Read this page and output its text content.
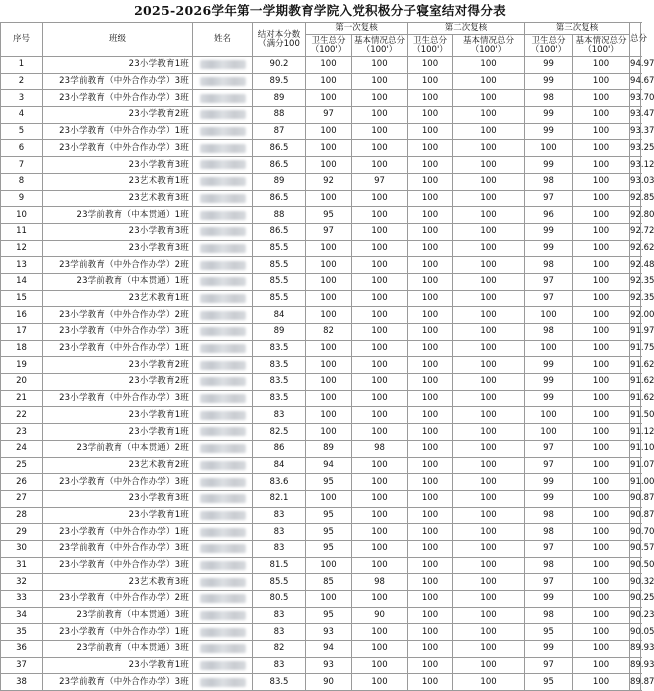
2025-2026学年第一学期教育学院入党积极分子寝室结对得分表
序号	班级	姓名	结对本分数（满分100	第一次复核		第二次复核		第三次复核		总分
				卫生总分（100'）	基本情况总分（100'）	卫生总分（100'）	基本情况总分（100'）	卫生总分（100'）	基本情况总分（100'）	
1	23小学教育1班		90.2	100	100	100	100	99	100	94.97
2	23学前教育（中外合作办学）3班		89.5	100	100	100	100	99	100	94.67
3	23小学教育（中外合作办学）3班		89	100	100	100	100	98	100	93.70
4	23小学教育2班		88	97	100	100	100	99	100	93.47
5	23小学教育（中外合作办学）1班		87	100	100	100	100	99	100	93.37
6	23小学教育（中外合作办学）3班		86.5	100	100	100	100	100	100	93.25
7	23小学教育3班		86.5	100	100	100	100	99	100	93.12
8	23艺术教育1班		89	92	97	100	100	98	100	93.03
9	23艺术教育3班		86.5	100	100	100	100	97	100	92.85
10	23学前教育（中本贯通）1班		88	95	100	100	100	96	100	92.80
11	23小学教育3班		86.5	97	100	100	100	99	100	92.72
12	23小学教育3班		85.5	100	100	100	100	99	100	92.62
13	23学前教育（中外合作办学）2班		85.5	100	100	100	100	98	100	92.48
14	23学前教育（中本贯通）1班		85.5	100	100	100	100	97	100	92.35
15	23艺术教育1班		85.5	100	100	100	100	97	100	92.35
16	23小学教育（中外合作办学）2班		84	100	100	100	100	100	100	92.00
17	23小学教育（中外合作办学）3班		89	82	100	100	100	98	100	91.97
18	23小学教育（中外合作办学）1班		83.5	100	100	100	100	100	100	91.75
19	23小学教育2班		83.5	100	100	100	100	99	100	91.62
20	23小学教育2班		83.5	100	100	100	100	99	100	91.62
21	23小学教育（中外合作办学）3班		83.5	100	100	100	100	99	100	91.62
22	23小学教育1班		83	100	100	100	100	100	100	91.50
23	23小学教育1班		82.5	100	100	100	100	100	100	91.12
24	23学前教育（中本贯通）2班		86	89	98	100	100	97	100	91.10
25	23艺术教育2班		84	94	100	100	100	97	100	91.07
26	23小学教育（中外合作办学）3班		83.6	95	100	100	100	99	100	91.00
27	23小学教育3班		82.1	100	100	100	100	99	100	90.87
28	23小学教育1班		83	95	100	100	100	98	100	90.87
29	23小学教育（中外合作办学）1班		83	95	100	100	100	98	100	90.70
30	23学前教育（中外合作办学）3班		83	95	100	100	100	97	100	90.57
31	23小学教育（中外合作办学）3班		81.5	100	100	100	100	98	100	90.50
32	23艺术教育3班		85.5	85	98	100	100	97	100	90.32
33	23小学教育（中外合作办学）2班		80.5	100	100	100	100	99	100	90.25
34	23学前教育（中本贯通）3班		83	95	90	100	100	98	100	90.23
35	23小学教育（中外合作办学）1班		83	93	100	100	100	95	100	90.05
36	23学前教育（中本贯通）3班		82	94	100	100	100	99	100	89.93
37	23小学教育1班		83	93	100	100	100	97	100	89.93
38	23学前教育（中外合作办学）3班		83.5	90	100	100	100	95	100	89.87
